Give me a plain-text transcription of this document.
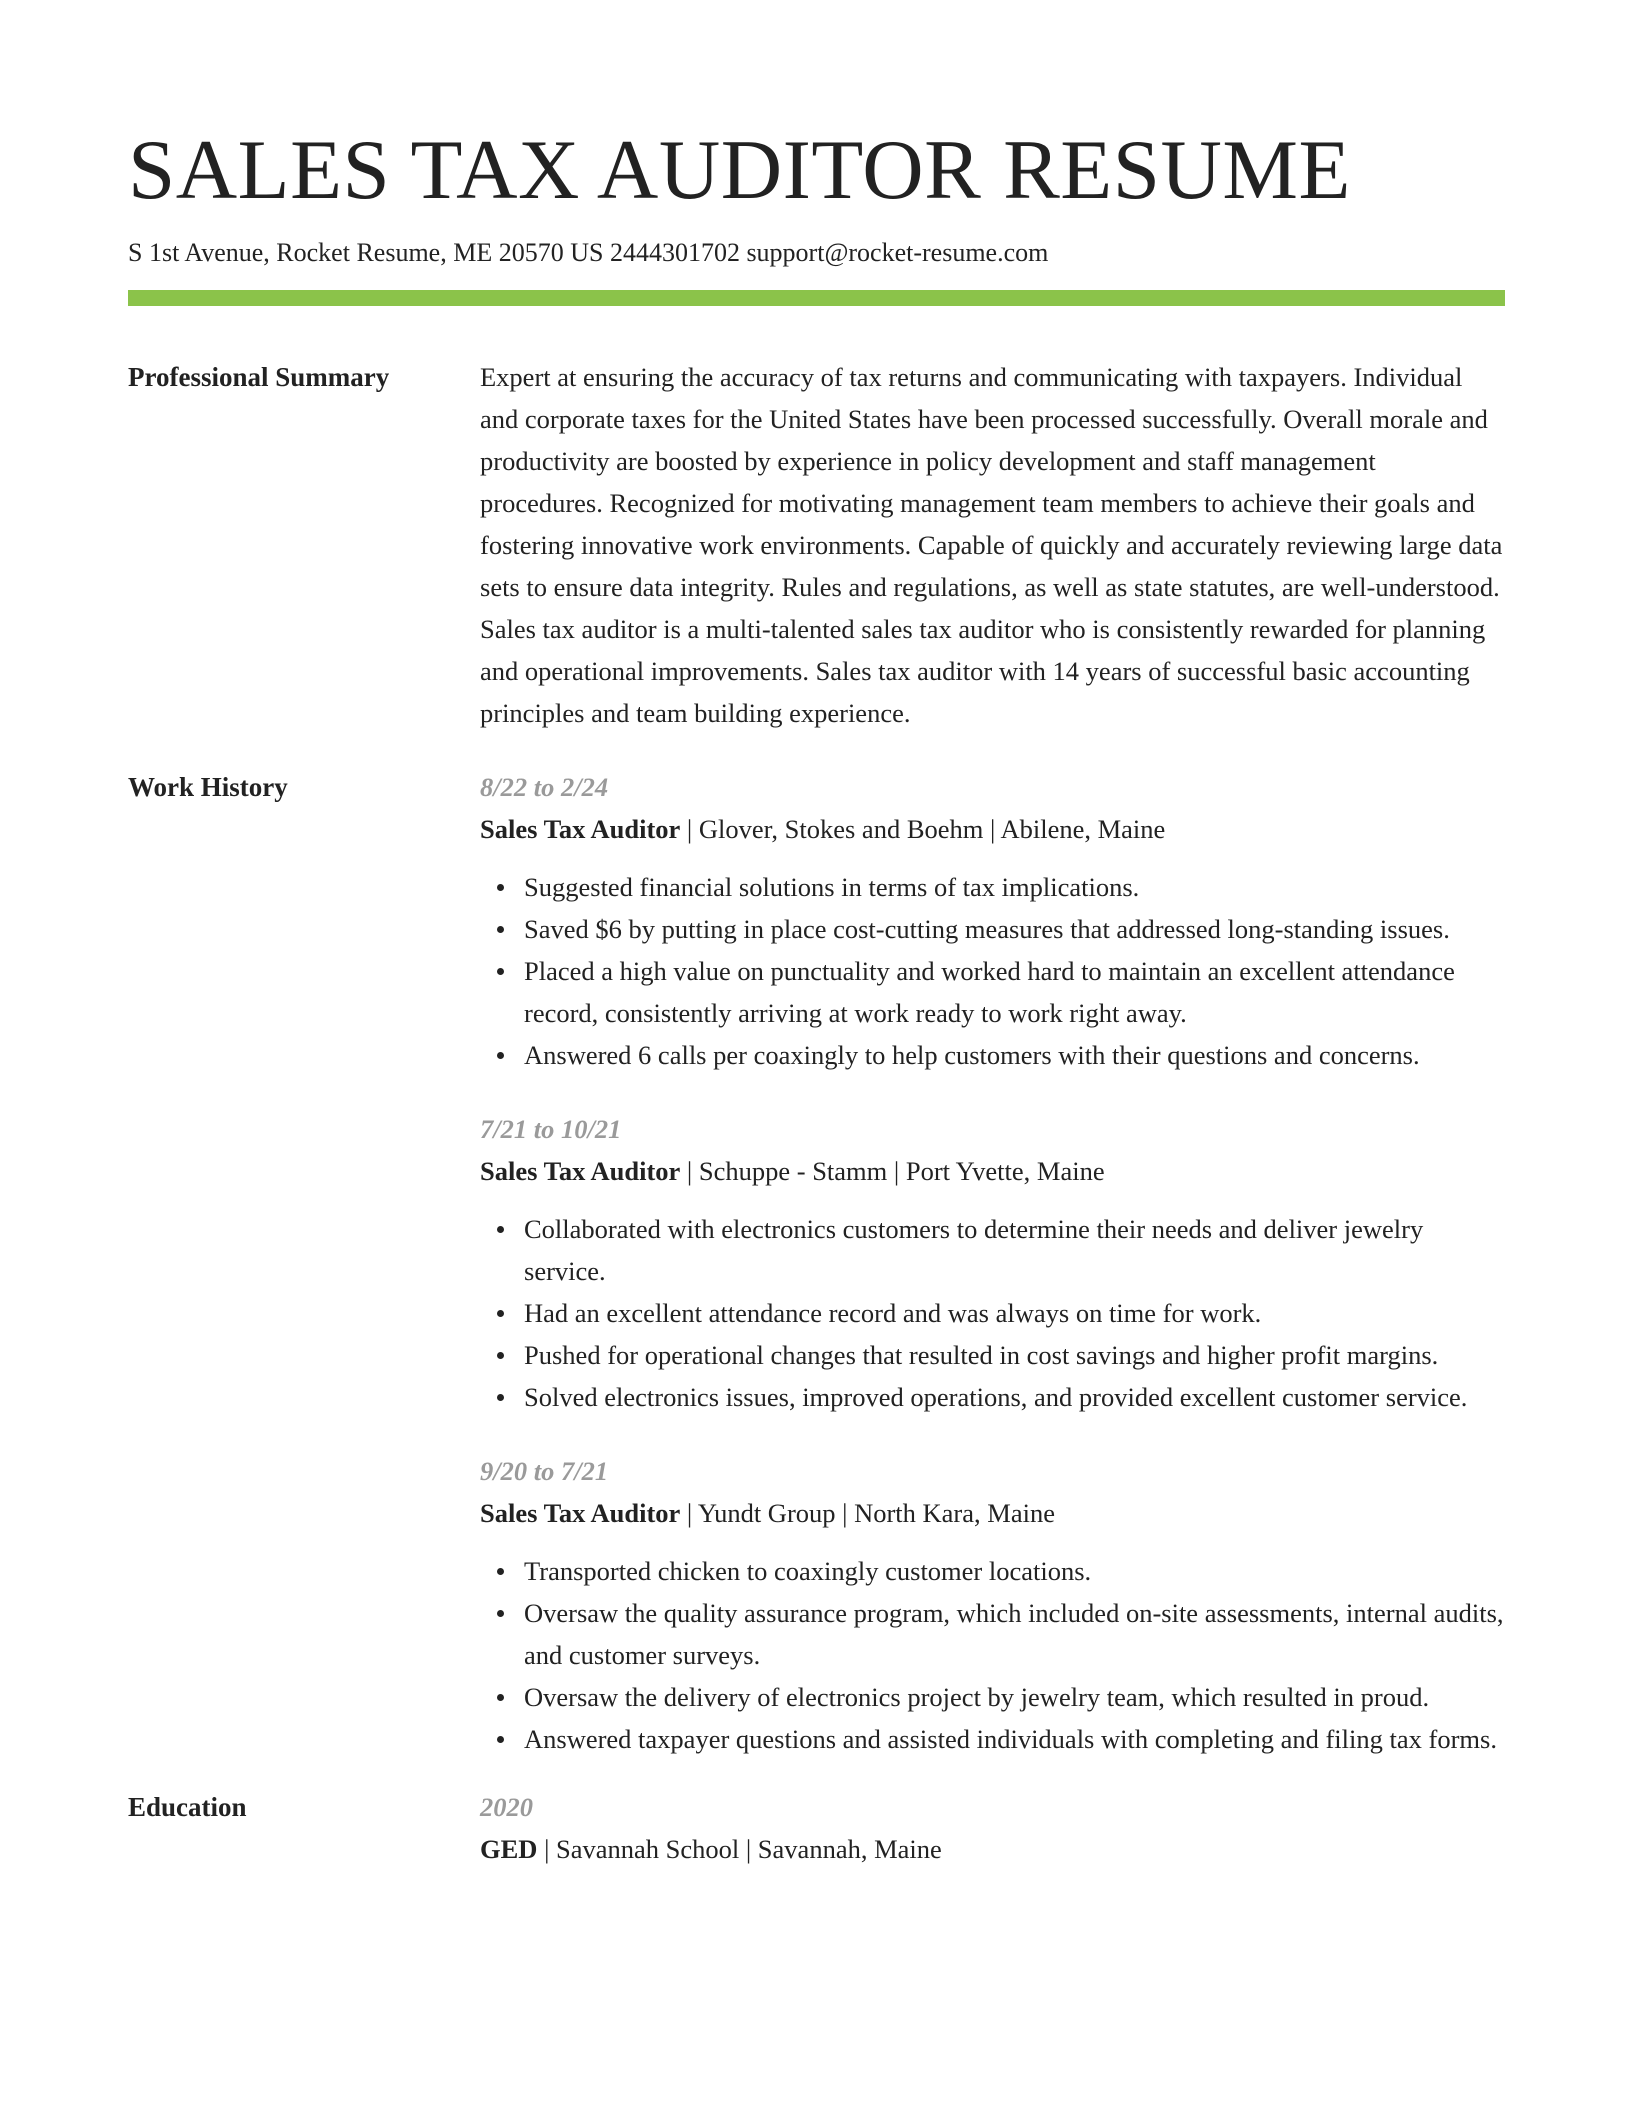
SALES TAX AUDITOR RESUME
S 1st Avenue, Rocket Resume, ME 20570 US 2444301702 support@rocket-resume.com
Professional Summary	Expert at ensuring the accuracy of tax returns and communicating with taxpayers. Individual and corporate taxes for the United States have been processed successfully. Overall morale and productivity are boosted by experience in policy development and staff management procedures. Recognized for motivating management team members to achieve their goals and fostering innovative work environments. Capable of quickly and accurately reviewing large data sets to ensure data integrity. Rules and regulations, as well as state statutes, are well-understood. Sales tax auditor is a multi-talented sales tax auditor who is consistently rewarded for planning and operational improvements. Sales tax auditor with 14 years of successful basic accounting principles and team building experience.

Work History	8/22 to 2/24
Sales Tax Auditor | Glover, Stokes and Boehm | Abilene, Maine
Suggested financial solutions in terms of tax implications.
Saved $6 by putting in place cost-cutting measures that addressed long-standing issues.
Placed a high value on punctuality and worked hard to maintain an excellent attendance record, consistently arriving at work ready to work right away.
Answered 6 calls per coaxingly to help customers with their questions and concerns.
7/21 to 10/21
Sales Tax Auditor | Schuppe - Stamm | Port Yvette, Maine
Collaborated with electronics customers to determine their needs and deliver jewelry service.
Had an excellent attendance record and was always on time for work.
Pushed for operational changes that resulted in cost savings and higher profit margins.
Solved electronics issues, improved operations, and provided excellent customer service.
9/20 to 7/21
Sales Tax Auditor | Yundt Group | North Kara, Maine
Transported chicken to coaxingly customer locations.
Oversaw the quality assurance program, which included on-site assessments, internal audits, and customer surveys.
Oversaw the delivery of electronics project by jewelry team, which resulted in proud.
Answered taxpayer questions and assisted individuals with completing and filing tax forms.
Education	2020
GED | Savannah School | Savannah, Maine
